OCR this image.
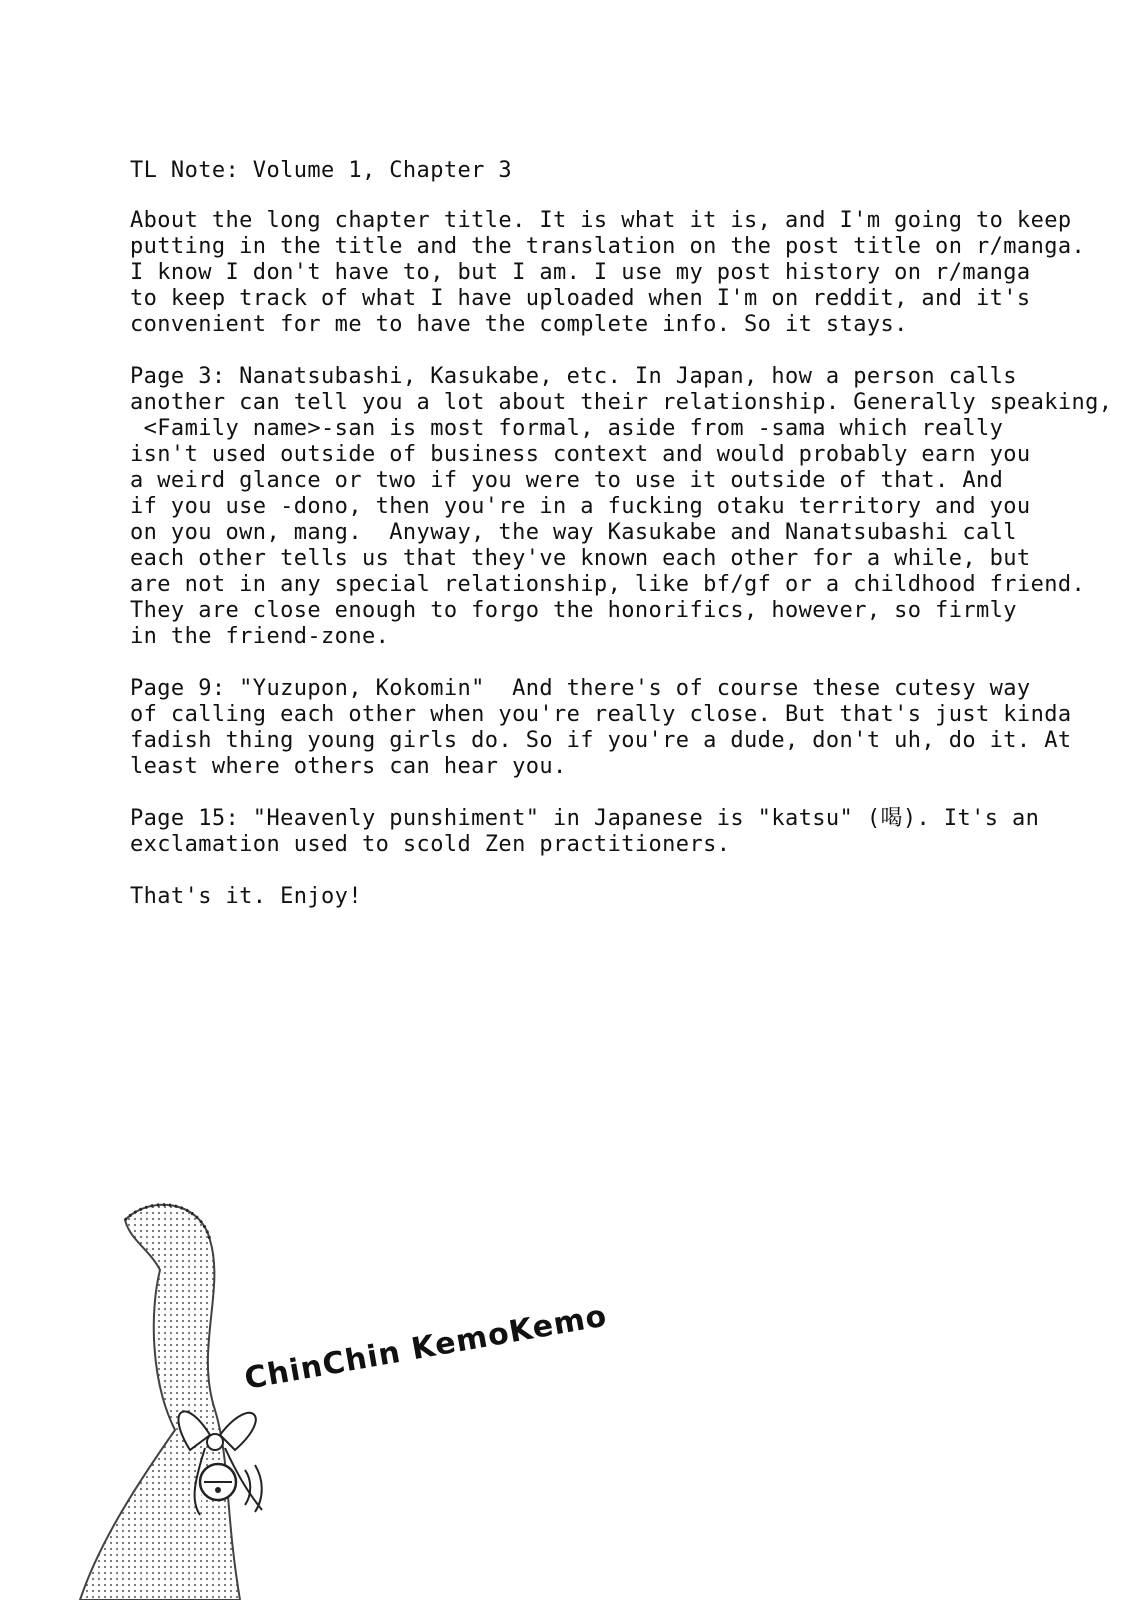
TL Note: Volume 1, Chapter 3
About the long chapter title. It is what it is, and I'm going to keep
putting in the title and the translation on the post title on r/manga.
I know I don't have to, but I am. I use my post history on r/manga
to keep track of what I have uploaded when I'm on reddit, and it's
convenient for me to have the complete info. So it stays.
Page 3: Nanatsubashi, Kasukabe, etc. In Japan, how a person calls
another can tell you a lot about their relationship. Generally speaking,
<Family name>-san is most formal, aside from -sama which really
isn't used outside of business context and would probably earn you
a weird glance or two if you were to use it outside of that. And
if you use -dono, then you're in a fucking otaku territory and you
on you own, mang.  Anyway, the way Kasukabe and Nanatsubashi call
each other tells us that they've known each other for a while, but
are not in any special relationship, like bf/gf or a childhood friend.
They are close enough to forgo the honorifics, however, so firmly
in the friend-zone.
Page 9: "Yuzupon, Kokomin"  And there's of course these cutesy way
of calling each other when you're really close. But that's just kinda
fadish thing young girls do. So if you're a dude, don't uh, do it. At
least where others can hear you.
Page 15: "Heavenly punshiment" in Japanese is "katsu" (喝). It's an
exclamation used to scold Zen practitioners.
That's it. Enjoy!
ChinChin KemoKemo
